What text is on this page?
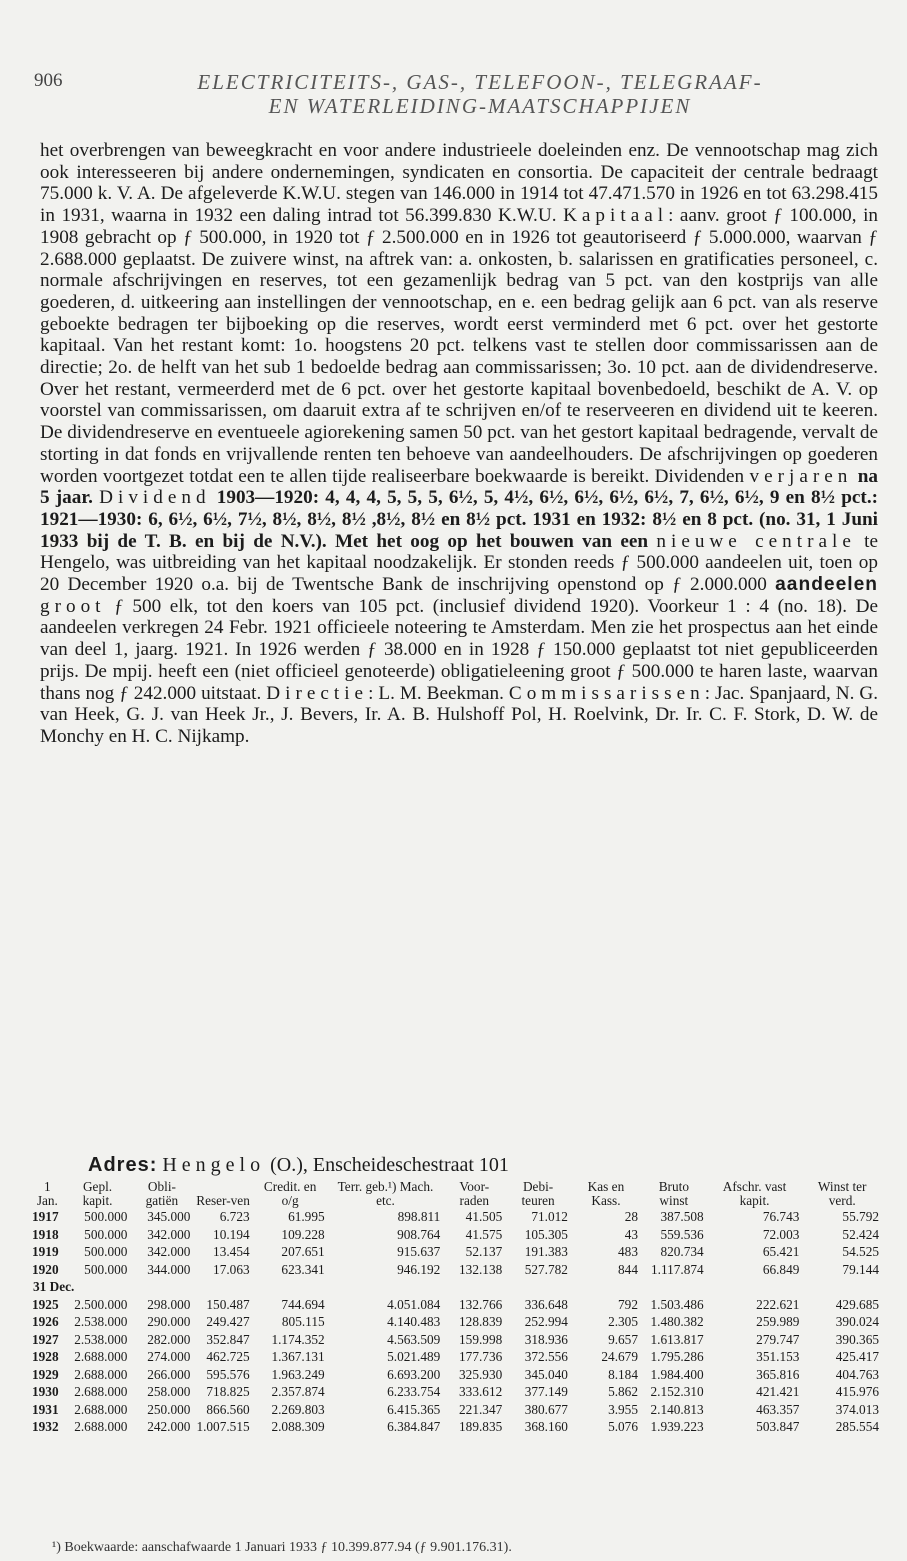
906	ELECTRICITEITS-, GAS-, TELEFOON-, TELEGRAAF-
EN WATERLEIDING-MAATSCHAPPIJEN

het overbrengen van beweegkracht en voor andere industrieele doeleinden enz. De vennootschap mag zich ook interesseeren bij andere ondernemingen, syndicaten en consortia. De capaciteit der centrale bedraagt 75.000 k. V. A. De afgeleverde K.W.U. stegen van 146.000 in 1914 tot 47.471.570 in 1926 en tot 63.298.415 in 1931, waarna in 1932 een daling intrad tot 56.399.830 K.W.U. Kapitaal: aanv. groot ƒ 100.000, in 1908 gebracht op ƒ 500.000, in 1920 tot ƒ 2.500.000 en in 1926 tot geautoriseerd ƒ 5.000.000, waarvan ƒ 2.688.000 geplaatst. De zuivere winst, na aftrek van: a. onkosten, b. salarissen en gratificaties personeel, c. normale afschrijvingen en reserves, tot een gezamenlijk bedrag van 5 pct. van den kostprijs van alle goederen, d. uitkeering aan instellingen der vennootschap, en e. een bedrag gelijk aan 6 pct. van als reserve geboekte bedragen ter bijboeking op die reserves, wordt eerst verminderd met 6 pct. over het gestorte kapitaal. Van het restant komt: 1o. hoogstens 20 pct. telkens vast te stellen door commissarissen aan de directie; 2o. de helft van het sub 1 bedoelde bedrag aan commissarissen; 3o. 10 pct. aan de dividendreserve. Over het restant, vermeerderd met de 6 pct. over het gestorte kapitaal bovenbedoeld, beschikt de A. V. op voorstel van commissarissen, om daaruit extra af te schrijven en/of te reserveeren en dividend uit te keeren. De dividendreserve en eventueele agiorekening samen 50 pct. van het gestort kapitaal bedragende, vervalt de storting in dat fonds en vrijvallende renten ten behoeve van aandeelhouders. De afschrijvingen op goederen worden voortgezet totdat een te allen tijde realiseerbare boekwaarde is bereikt. Dividenden verjaren na 5 jaar. Dividend 1903—1920: 4, 4, 4, 5, 5, 5, 6½, 5, 4½, 6½, 6½, 6½, 6½, 7, 6½, 6½, 9 en 8½ pct.: 1921—1930: 6, 6½, 6½, 7½, 8½, 8½, 8½ ,8½, 8½ en 8½ pct. 1931 en 1932: 8½ en 8 pct. (no. 31, 1 Juni 1933 bij de T. B. en bij de N.V.). Met het oog op het bouwen van een nieuwe centrale te Hengelo, was uitbreiding van het kapitaal noodzakelijk. Er stonden reeds ƒ 500.000 aandeelen uit, toen op 20 December 1920 o.a. bij de Twentsche Bank de inschrijving openstond op ƒ 2.000.000 aandeelen groot ƒ 500 elk, tot den koers van 105 pct. (inclusief dividend 1920). Voorkeur 1 : 4 (no. 18). De aandeelen verkregen 24 Febr. 1921 officieele noteering te Amsterdam. Men zie het prospectus aan het einde van deel 1, jaarg. 1921. In 1926 werden ƒ 38.000 en in 1928 ƒ 150.000 geplaatst tot niet gepubliceerden prijs. De mpij. heeft een (niet officieel genoteerde) obligatieleening groot ƒ 500.000 te haren laste, waarvan thans nog ƒ 242.000 uitstaat. Directie: L. M. Beekman. Commissarissen: Jac. Spanjaard, N. G. van Heek, G. J. van Heek Jr., J. Bevers, Ir. A. B. Hulshoff Pol, H. Roelvink, Dr. Ir. C. F. Stork, D. W. de Monchy en H. C. Nijkamp.

Adres: Hengelo (O.), Enscheideschestraat 101
1 Jan.	Gepl. kapit.	Obli-gatiën	Reser-ven	Credit. en o/g	Terr. geb.¹) Mach. etc.	Voor-raden	Debi-teuren	Kas en Kass.	Bruto winst	Afschr. vast kapit.	Winst ter verd.
1917	500.000	345.000	6.723	61.995	898.811	41.505	71.012	28	387.508	76.743	55.792
1918	500.000	342.000	10.194	109.228	908.764	41.575	105.305	43	559.536	72.003	52.424
1919	500.000	342.000	13.454	207.651	915.637	52.137	191.383	483	820.734	65.421	54.525
1920	500.000	344.000	17.063	623.341	946.192	132.138	527.782	844	1.117.874	66.849	79.144
31 Dec.											
1925	2.500.000	298.000	150.487	744.694	4.051.084	132.766	336.648	792	1.503.486	222.621	429.685
1926	2.538.000	290.000	249.427	805.115	4.140.483	128.839	252.994	2.305	1.480.382	259.989	390.024
1927	2.538.000	282.000	352.847	1.174.352	4.563.509	159.998	318.936	9.657	1.613.817	279.747	390.365
1928	2.688.000	274.000	462.725	1.367.131	5.021.489	177.736	372.556	24.679	1.795.286	351.153	425.417
1929	2.688.000	266.000	595.576	1.963.249	6.693.200	325.930	345.040	8.184	1.984.400	365.816	404.763
1930	2.688.000	258.000	718.825	2.357.874	6.233.754	333.612	377.149	5.862	2.152.310	421.421	415.976
1931	2.688.000	250.000	866.560	2.269.803	6.415.365	221.347	380.677	3.955	2.140.813	463.357	374.013
1932	2.688.000	242.000	1.007.515	2.088.309	6.384.847	189.835	368.160	5.076	1.939.223	503.847	285.554
¹) Boekwaarde: aanschafwaarde 1 Januari 1933 ƒ 10.399.877.94 (ƒ 9.901.176.31).
